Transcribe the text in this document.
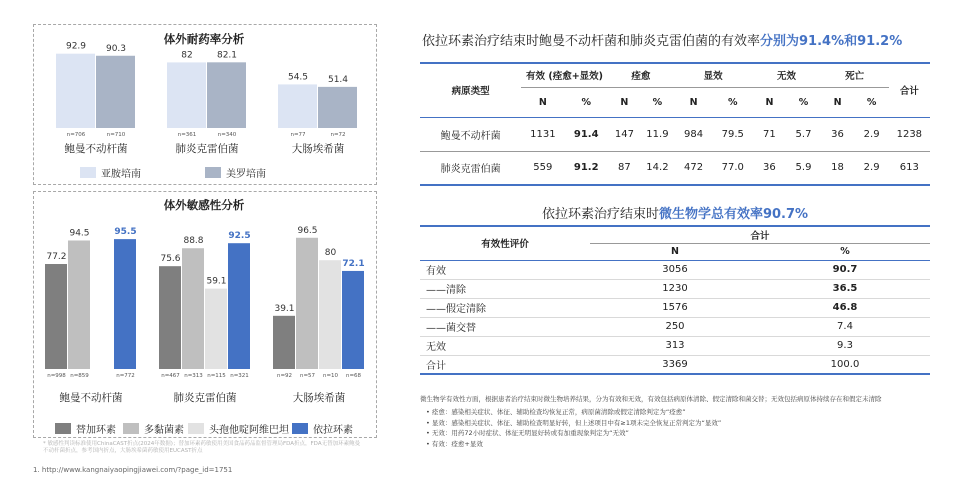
体外耐药率分析
92.9
n=706
90.3
n=710
鲍曼不动杆菌
82
n=361
82.1
n=340
肺炎克雷伯菌
54.5
n=77
51.4
n=72
大肠埃希菌
亚胺培南	美罗培南
体外敏感性分析
77.2
n=998
94.5
n=859
95.5
n=772
鲍曼不动杆菌
75.6
n=467
88.8
n=313
59.1
n=115
92.5
n=321
肺炎克雷伯菌
39.1
n=92
96.5
n=57
80
n=10
72.1
n=68
大肠埃希菌
替加环素	多黏菌素	头孢他啶阿维巴坦 依拉环素
* 敏感性判读标准使用ChinaCAST折点(2024年数据)；替加环素药敏使用美国食品药品监督管理局FDA折点，FDA无替加环素鲍曼不动杆菌折点，参考国内折点，大肠埃希菌药敏使用EUCAST折点
1. http://www.kangnaiyaopingjiawei.com/?page_id=1751
依拉环素治疗结束时鲍曼不动杆菌和肺炎克雷伯菌的有效率分别为91.4%和91.2%
病原类型	有效 (痊愈+显效)		痊愈		显效		无效		死亡		合计
	N	%	N	%	N	%	N	%	N	%	
鲍曼不动杆菌	1131	91.4	147	11.9	984	79.5	71	5.7	36	2.9	1238
肺炎克雷伯菌	559	91.2	87	14.2	472	77.0	36	5.9	18	2.9	613
依拉环素治疗结束时微生物学总有效率90.7%
有效性评价	合计	
	N	%
有效	3056	90.7
——清除	1230	36.5
——假定清除	1576	46.8
——菌交替	250	7.4
无效	313	9.3
合计	3369	100.0
微生物学有效性方面，根据患者治疗结束时微生物培养结果，分为有效和无效，有效包括病原体清除、假定清除和菌交替；无效包括病原体持续存在和假定未清除
• 痊愈：感染相关症状、体征、辅助检查均恢复正常，病原菌清除或假定清除判定为“痊愈”
• 显效：感染相关症状、体征、辅助检查明显好转，但上述项目中有≥1项未完全恢复正常判定为“显效”
• 无效：用药72小时症状、体征无明显好转或有加重现象判定为“无效”
• 有效：痊愈+显效
